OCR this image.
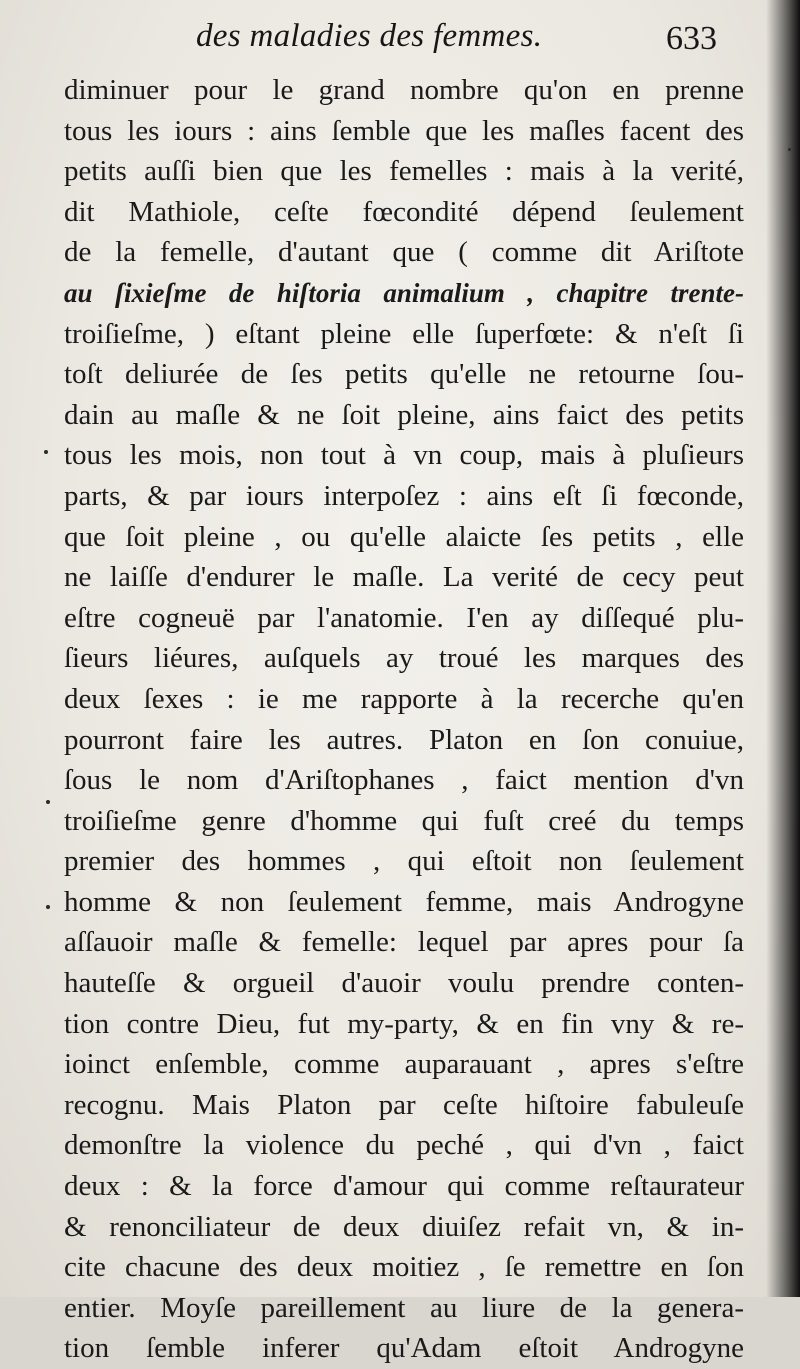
des maladies des femmes.	633
diminuer pour le grand nombre qu'on en prenne
tous les iours : ains ſemble que les maſles facent des
petits auſſi bien que les femelles : mais à la verité,
dit Mathiole, ceſte fœcondité dépend ſeulement
de la femelle, d'autant que ( comme dit Ariſtote
au ſixieſme de hiſtoria animalium , chapitre trente-
troiſieſme, ) eſtant pleine elle ſuperfœte: & n'eſt ſi
toſt deliurée de ſes petits qu'elle ne retourne ſou-
dain au maſle & ne ſoit pleine, ains faict des petits
tous les mois, non tout à vn coup, mais à pluſieurs
parts, & par iours interpoſez : ains eſt ſi fœconde,
que ſoit pleine , ou qu'elle alaicte ſes petits , elle
ne laiſſe d'endurer le maſle. La verité de cecy peut
eſtre cogneuë par l'anatomie. I'en ay diſſequé plu-
ſieurs liéures, auſquels ay troué les marques des
deux ſexes : ie me rapporte à la recerche qu'en
pourront faire les autres. Platon en ſon conuiue,
ſous le nom d'Ariſtophanes , faict mention d'vn
troiſieſme genre d'homme qui fuſt creé du temps
premier des hommes , qui eſtoit non ſeulement
homme & non ſeulement femme, mais Androgyne
aſſauoir maſle & femelle: lequel par apres pour ſa
hauteſſe & orgueil d'auoir voulu prendre conten-
tion contre Dieu, fut my-party, & en fin vny & re-
ioinct enſemble, comme auparauant , apres s'eſtre
recognu. Mais Platon par ceſte hiſtoire fabuleuſe
demonſtre la violence du peché , qui d'vn , faict
deux : & la force d'amour qui comme reſtaurateur
& renonciliateur de deux diuiſez refait vn, & in-
cite chacune des deux moitiez , ſe remettre en ſon
entier. Moyſe pareillement au liure de la genera-
tion ſemble inferer qu'Adam eſtoit Androgyne
